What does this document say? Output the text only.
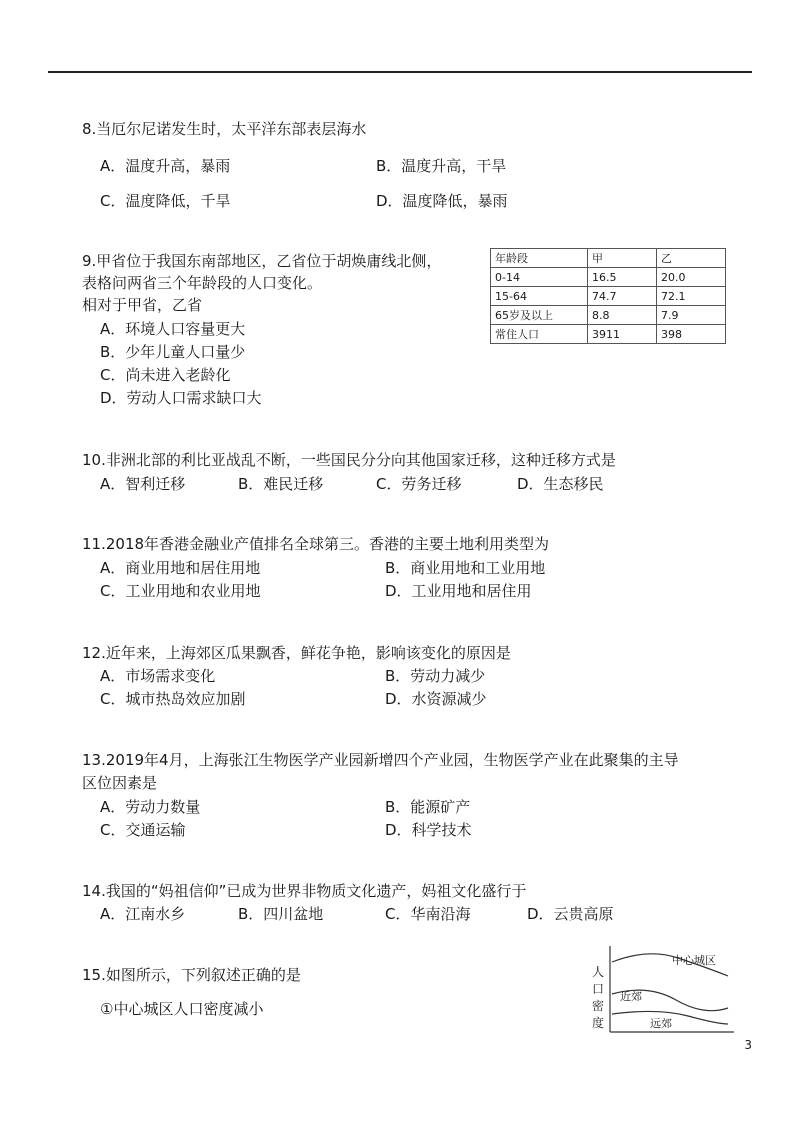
8.当厄尔尼诺发生时，太平洋东部表层海水
A．温度升高，暴雨	B．温度升高，干旱
C．温度降低，千旱	D．温度降低，暴雨
9.甲省位于我国东南部地区，乙省位于胡焕庸线北侧，
表格问两省三个年龄段的人口变化。
相对于甲省，乙省
A．环境人口容量更大
B．少年儿童人口量少
C．尚未进入老龄化
D．劳动人口需求缺口大
年龄段	甲	乙
0-14	16.5	20.0
15-64	74.7	72.1
65岁及以上	8.8	7.9
常住人口	3911	398
10.非洲北部的利比亚战乱不断，一些国民分分向其他国家迁移，这种迁移方式是
A．智利迁移	B．难民迁移	C．劳务迁移	D．生态移民
11.2018年香港金融业产值排名全球第三。香港的主要土地利用类型为
A．商业用地和居住用地	B．商业用地和工业用地
C．工业用地和农业用地	D．工业用地和居住用
12.近年来，上海郊区瓜果飘香，鲜花争艳，影响该变化的原因是
A．市场需求变化	B．劳动力减少
C．城市热岛效应加剧	D．水资源减少
13.2019年4月，上海张江生物医学产业园新增四个产业园，生物医学产业在此聚集的主导
区位因素是
A．劳动力数量	B．能源矿产
C．交通运输	D．科学技术
14.我国的“妈祖信仰”已成为世界非物质文化遗产，妈祖文化盛行于
A．江南水乡	B．四川盆地	C．华南沿海	D．云贵高原
15.如图所示，下列叙述正确的是
①中心城区人口密度减小
人口密度
中心城区
近郊
远郊
3
